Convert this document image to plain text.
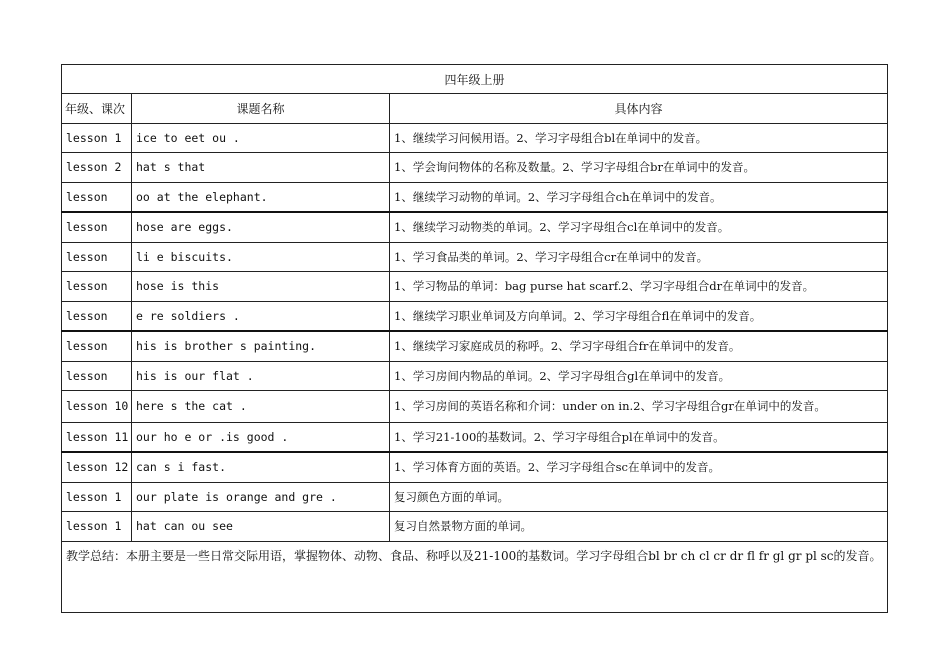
四年级上册		
年级、课次	课题名称	具体内容
lesson 1	ice to eet ou .	1、继续学习问候用语。2、学习字母组合bl在单词中的发音。
lesson 2	hat s that	1、学会询问物体的名称及数量。2、学习字母组合br在单词中的发音。
lesson	oo at the elephant.	1、继续学习动物的单词。2、学习字母组合ch在单词中的发音。
lesson	hose are eggs.	1、继续学习动物类的单词。2、学习字母组合cl在单词中的发音。
lesson	li e biscuits.	1、学习食品类的单词。2、学习字母组合cr在单词中的发音。
lesson	hose is this	1、学习物品的单词：bag purse hat scarf.2、学习字母组合dr在单词中的发音。
lesson	e re soldiers .	1、继续学习职业单词及方向单词。2、学习字母组合fl在单词中的发音。
lesson	his is brother s painting.	1、继续学习家庭成员的称呼。2、学习字母组合fr在单词中的发音。
lesson	his is our flat .	1、学习房间内物品的单词。2、学习字母组合gl在单词中的发音。
lesson 10	here s the cat .	1、学习房间的英语名称和介词：under on in.2、学习字母组合gr在单词中的发音。
lesson 11	our ho e or .is good .	1、学习21-100的基数词。2、学习字母组合pl在单词中的发音。
lesson 12	can s i fast.	1、学习体育方面的英语。2、学习字母组合sc在单词中的发音。
lesson 1	our plate is orange and gre .	复习颜色方面的单词。
lesson 1	hat can ou see	复习自然景物方面的单词。
教学总结：本册主要是一些日常交际用语，掌握物体、动物、食品、称呼以及21-100的基数词。学习字母组合bl br ch cl cr dr fl fr gl gr pl sc的发音。		
